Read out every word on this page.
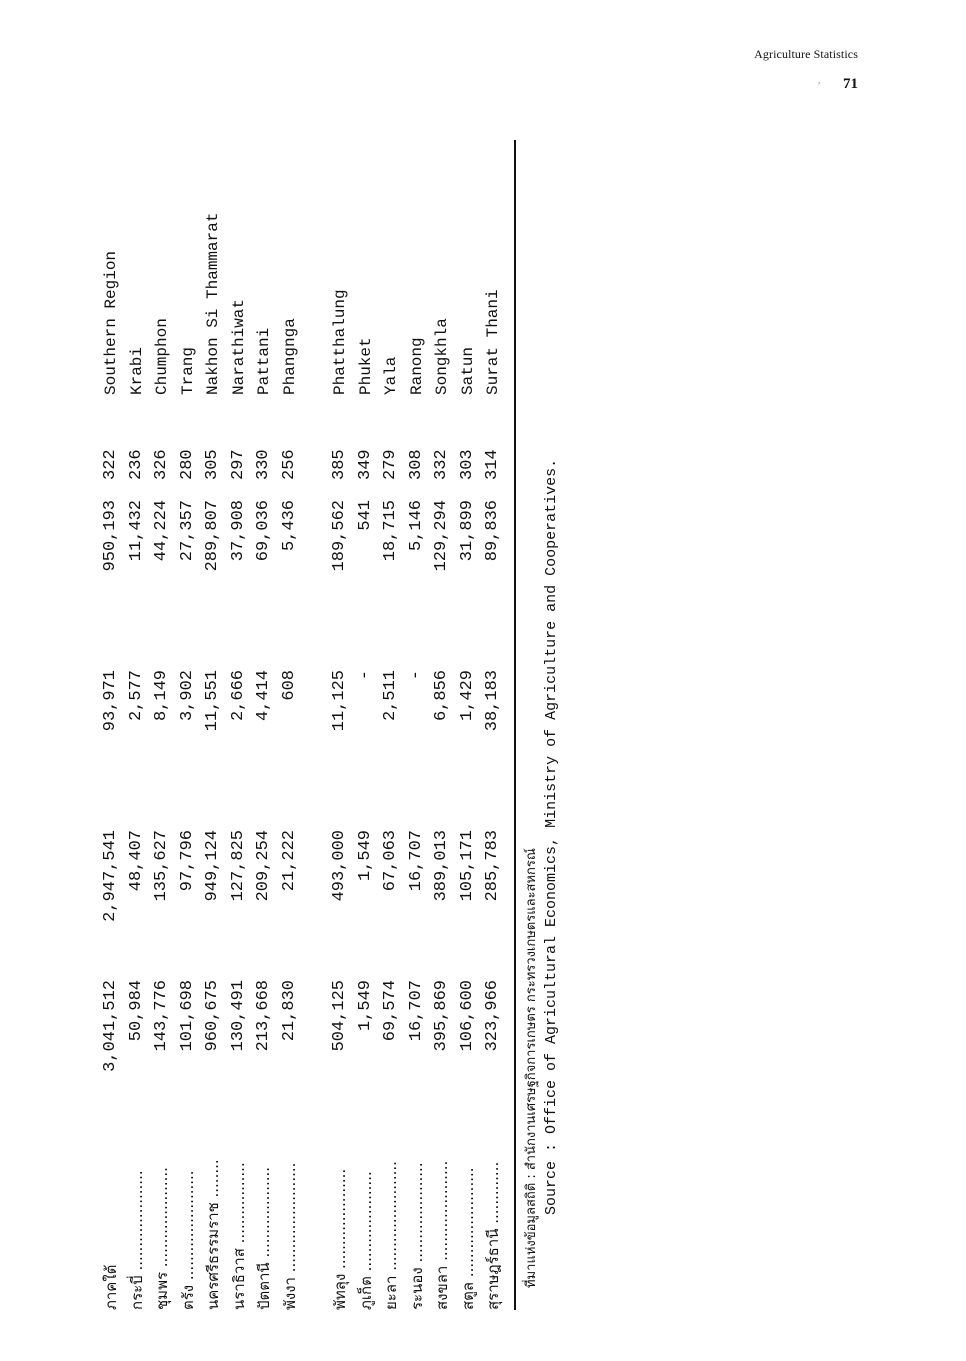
Agriculture Statistics
′ 71
ภาคใต้
3,041,512
2,947,541
93,971
950,193
322
Southern Region
กระบี่ .....................
50,984
48,407
2,577
11,432
236
Krabi
ชุมพร .....................
143,776
135,627
8,149
44,224
326
Chumphon
ตรัง .......................
101,698
97,796
3,902
27,357
280
Trang
นครศรีธรรมราช ........
960,675
949,124
11,551
289,807
305
Nakhon Si Thammarat
นราธิวาส .................
130,491
127,825
2,666
37,908
297
Narathiwat
ปัตตานี ...................
213,668
209,254
4,414
69,036
330
Pattani
พังงา .......................
21,830
21,222
608
5,436
256
Phangnga
พัทลุง .....................
504,125
493,000
11,125
189,562
385
Phatthalung
ภูเก็ต .....................
1,549
1,549
-
541
349
Phuket
ยะลา .......................
69,574
67,063
2,511
18,715
279
Yala
ระนอง .....................
16,707
16,707
-
5,146
308
Ranong
สงขลา .....................
395,869
389,013
6,856
129,294
332
Songkhla
สตูล .......................
106,600
105,171
1,429
31,899
303
Satun
สุราษฎร์ธานี .............
323,966
285,783
38,183
89,836
314
Surat Thani
ที่มาแห่งข้อมูลสถิติ : สำนักงานเศรษฐกิจการเกษตร กระทรวงเกษตรและสหกรณ์ Source : Office of Agricultural Economics, Ministry of Agriculture and Cooperatives.
